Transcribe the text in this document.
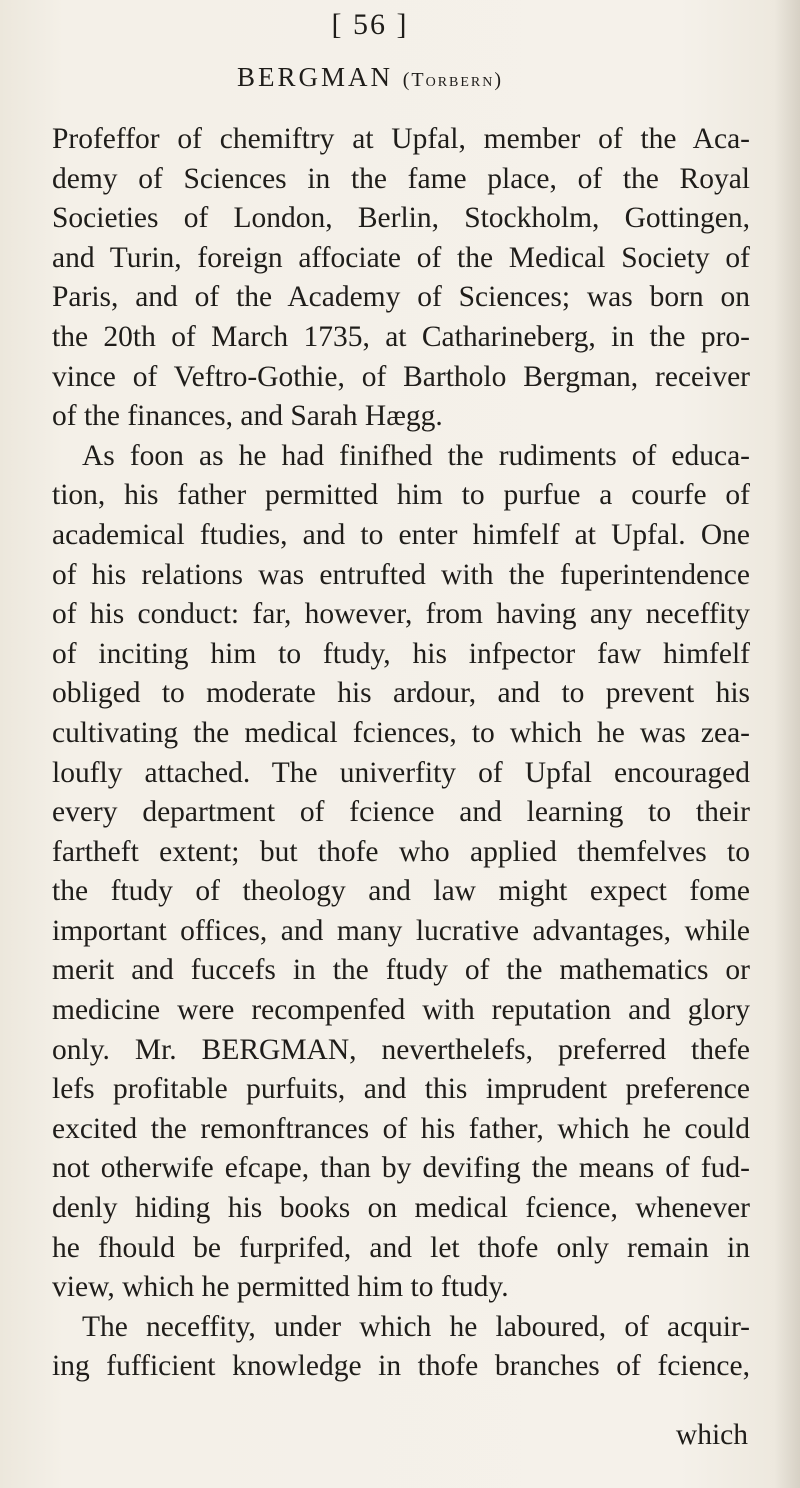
[ 56 ]
BERGMAN (Torbern)
Profeffor of chemiftry at Upfal, member of the Aca-
demy of Sciences in the fame place, of the Royal
Societies of London, Berlin, Stockholm, Gottingen,
and Turin, foreign affociate of the Medical Society of
Paris, and of the Academy of Sciences; was born on
the 20th of March 1735, at Catharineberg, in the pro-
vince of Veftro-Gothie, of Bartholo Bergman, receiver
of the finances, and Sarah Hægg.
As foon as he had finifhed the rudiments of educa-
tion, his father permitted him to purfue a courfe of
academical ftudies, and to enter himfelf at Upfal. One
of his relations was entrufted with the fuperintendence
of his conduct: far, however, from having any neceffity
of inciting him to ftudy, his infpector faw himfelf
obliged to moderate his ardour, and to prevent his
cultivating the medical fciences, to which he was zea-
loufly attached. The univerfity of Upfal encouraged
every department of fcience and learning to their
fartheft extent; but thofe who applied themfelves to
the ftudy of theology and law might expect fome
important offices, and many lucrative advantages, while
merit and fuccefs in the ftudy of the mathematics or
medicine were recompenfed with reputation and glory
only. Mr. BERGMAN, neverthelefs, preferred thefe
lefs profitable purfuits, and this imprudent preference
excited the remonftrances of his father, which he could
not otherwife efcape, than by devifing the means of fud-
denly hiding his books on medical fcience, whenever
he fhould be furprifed, and let thofe only remain in
view, which he permitted him to ftudy.
The neceffity, under which he laboured, of acquir-
ing fufficient knowledge in thofe branches of fcience,
which
